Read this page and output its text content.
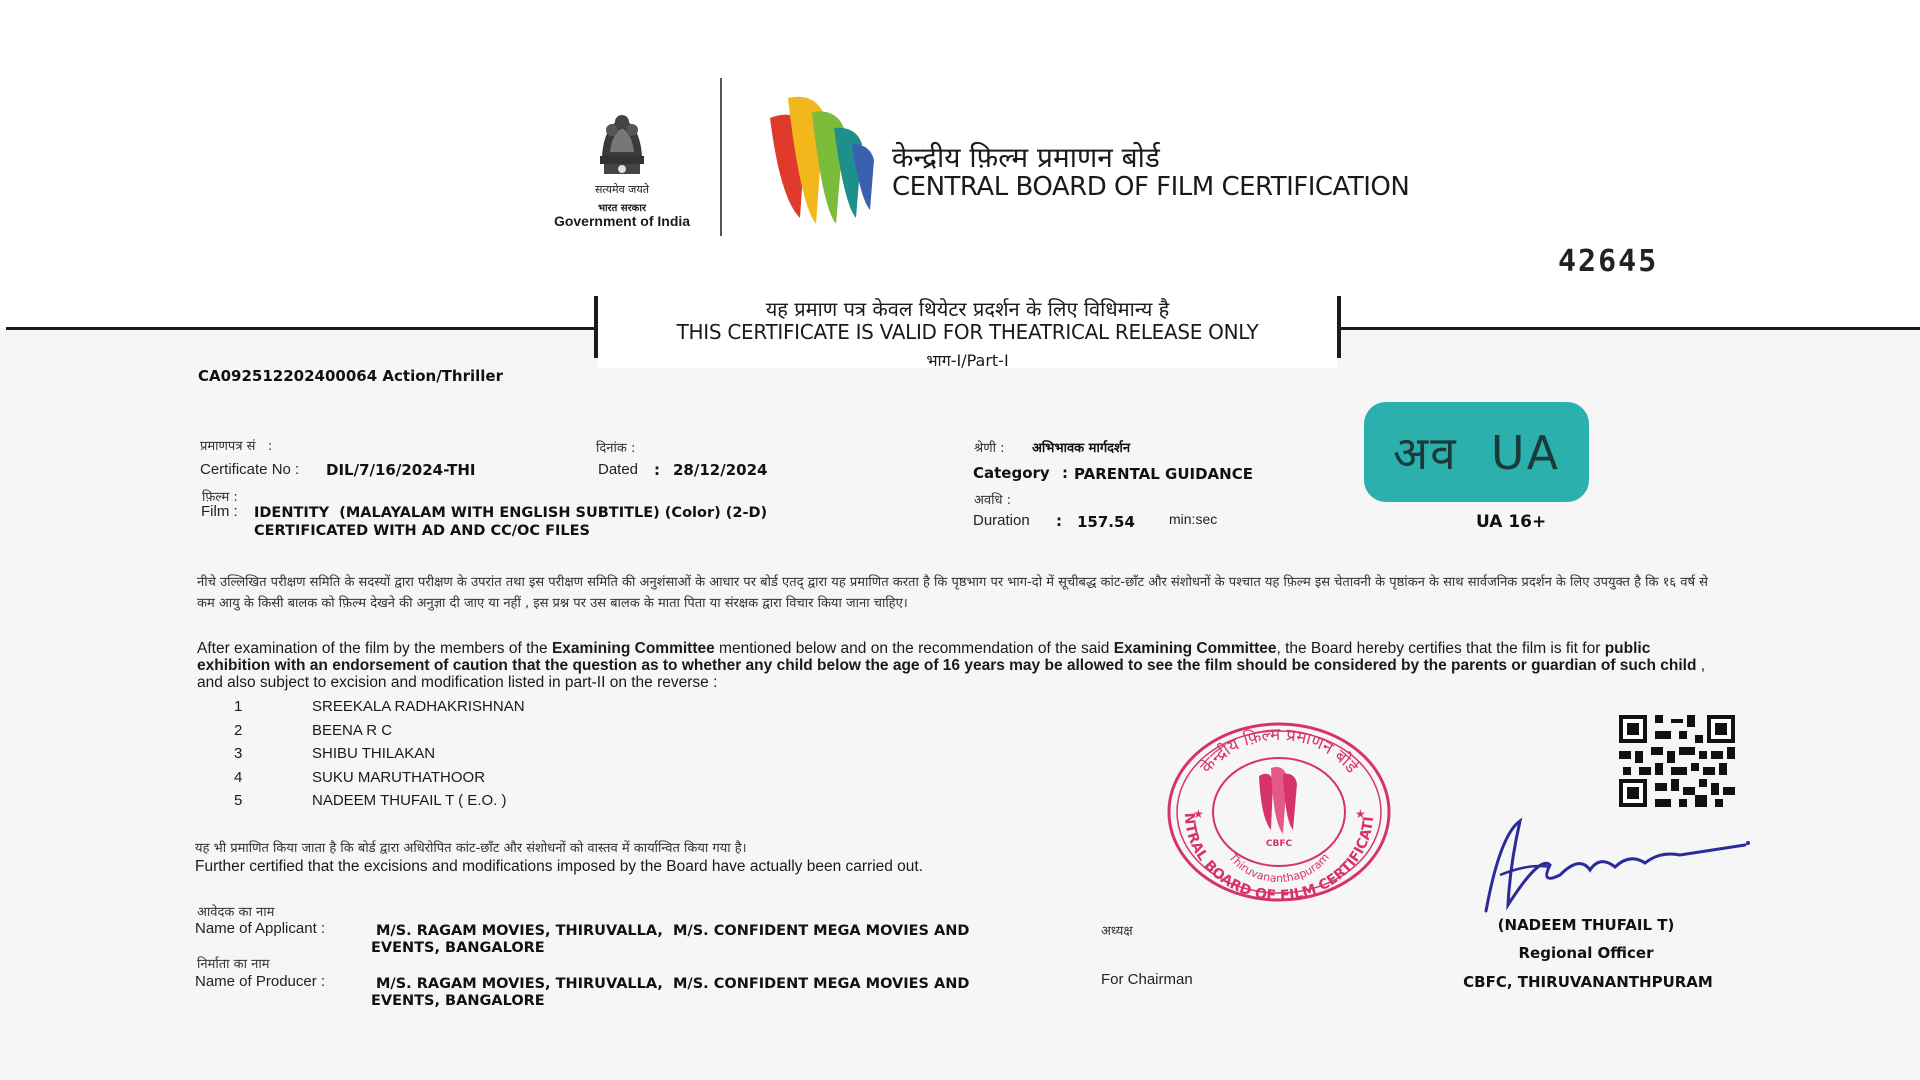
सत्यमेव जयते
भारत सरकार
Government of India
केन्द्रीय फ़िल्म प्रमाणन बोर्ड
CENTRAL BOARD OF FILM CERTIFICATION
42645
यह प्रमाण पत्र केवल थियेटर प्रदर्शन के लिए विधिमान्य है
THIS CERTIFICATE IS VALID FOR THEATRICAL RELEASE ONLY
भाग-I/Part-I
CA092512202400064 Action/Thriller
प्रमाणपत्र सं   :
Certificate No : DIL/7/16/2024-THI
दिनांक :
Dated : 28/12/2024
श्रेणी : अभिभावक मार्गदर्शन
Category : PARENTAL GUIDANCE
अवधि :
Duration : 157.54 min:sec
फ़िल्म :
Film : IDENTITY  (MALAYALAM WITH ENGLISH SUBTITLE) (Color) (2-D)
CERTIFICATED WITH AD AND CC/OC FILES
अव  UA
UA 16+
नीचे उल्लिखित परीक्षण समिति के सदस्यों द्वारा परीक्षण के उपरांत तथा इस परीक्षण समिति की अनुशंसाओं के आधार पर बोर्ड एतद् द्वारा यह प्रमाणित करता है कि पृष्ठभाग पर भाग-दो में सूचीबद्ध कांट-छाँट और संशोधनों के पश्चात यह फ़िल्म इस चेतावनी के पृष्ठांकन के साथ सार्वजनिक प्रदर्शन के लिए उपयुक्त है कि १६ वर्ष से कम आयु के किसी बालक को फ़िल्म देखने की अनुज्ञा दी जाए या नहीं , इस प्रश्न पर उस बालक के माता पिता या संरक्षक द्वारा विचार किया जाना चाहिए।
After examination of the film by the members of the Examining Committee mentioned below and on the recommendation of the said Examining Committee, the Board hereby certifies that the film is fit for public exhibition with an endorsement of caution that the question as to whether any child below the age of 16 years may be allowed to see the film should be considered by the parents or guardian of such child , and also subject to excision and modification listed in part-II on the reverse :
1	SREEKALA RADHAKRISHNAN
2	BEENA R C
3	SHIBU THILAKAN
4	SUKU MARUTHATHOOR
5	NADEEM THUFAIL T ( E.O. )
यह भी प्रमाणित किया जाता है कि बोर्ड द्वारा अधिरोपित कांट-छाँट और संशोधनों को वास्तव में कार्यान्वित किया गया है।
Further certified that the excisions and modifications imposed by the Board have actually been carried out.
आवेदक का नाम
Name of Applicant :	M/S. RAGAM MOVIES, THIRUVALLA,  M/S. CONFIDENT MEGA MOVIES AND
EVENTS, BANGALORE
निर्माता का नाम
Name of Producer :	M/S. RAGAM MOVIES, THIRUVALLA,  M/S. CONFIDENT MEGA MOVIES AND
EVENTS, BANGALORE
अध्यक्ष
For Chairman
केन्द्रीय फ़िल्म प्रमाणन बोर्ड
NTRAL BOARD OF FILM CERTIFICATI
Thiruvananthapuram
CBFC
★	★
(NADEEM THUFAIL T)
Regional Officer
CBFC, THIRUVANANTHPURAM
